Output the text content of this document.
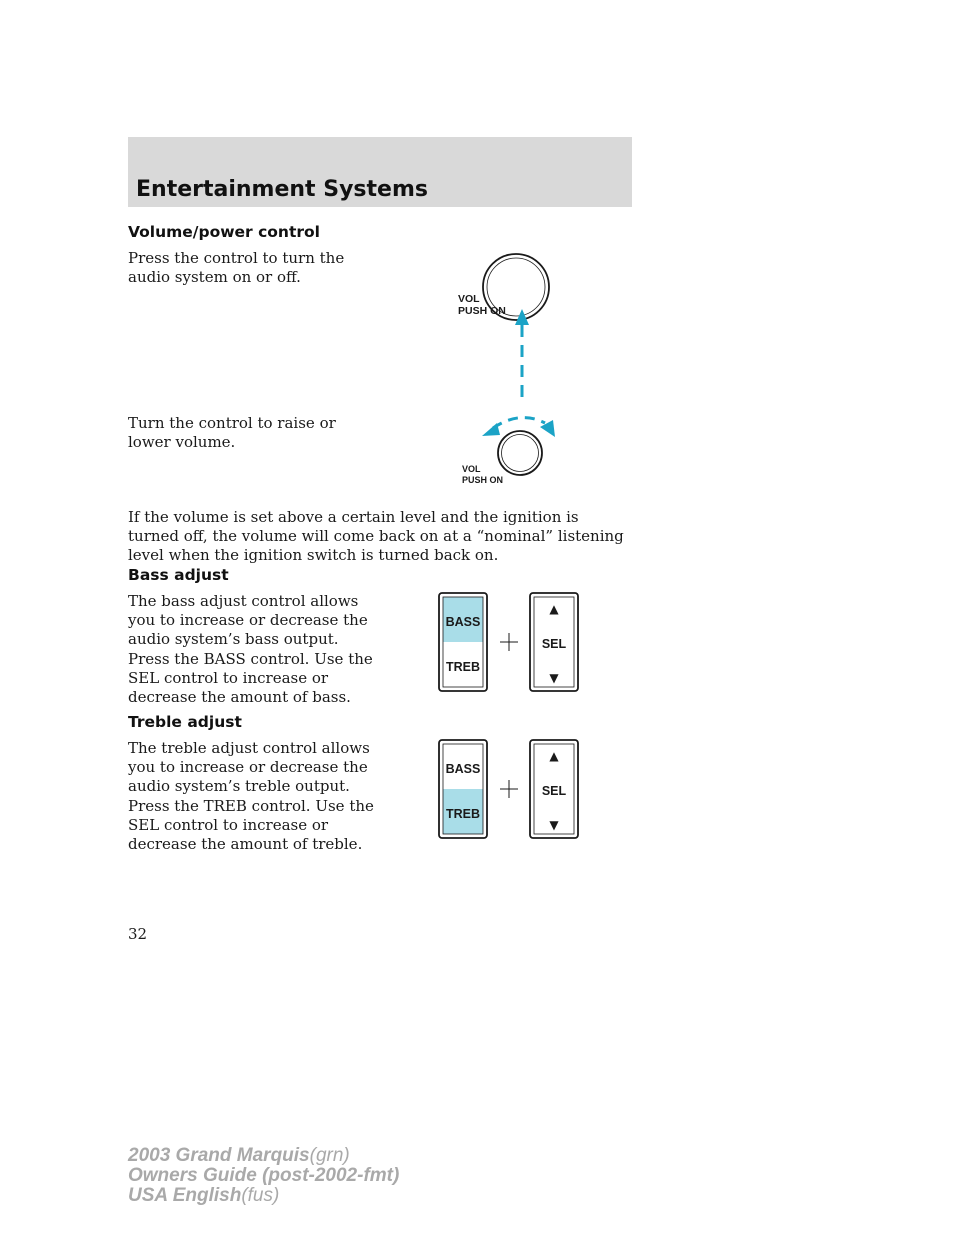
Entertainment Systems
Volume/power control

Press the control to turn the audio system on or off.

Turn the control to raise or lower volume.

If the volume is set above a certain level and the ignition is turned off, the volume will come back on at a “nominal” listening level when the ignition switch is turned back on.

VOL
PUSH ON
VOL
PUSH ON
Bass adjust

The bass adjust control allows you to increase or decrease the audio system’s bass output.

Press the BASS control. Use the SEL control to increase or decrease the amount of bass.

BASS
TREB
▲
SEL
▼
Treble adjust

The treble adjust control allows you to increase or decrease the audio system’s treble output.

Press the TREB control. Use the SEL control to increase or decrease the amount of treble.

BASS
TREB
▲
SEL
▼
32
2003 Grand Marquis(grn)
Owners Guide (post-2002-fmt)
USA English(fus)
